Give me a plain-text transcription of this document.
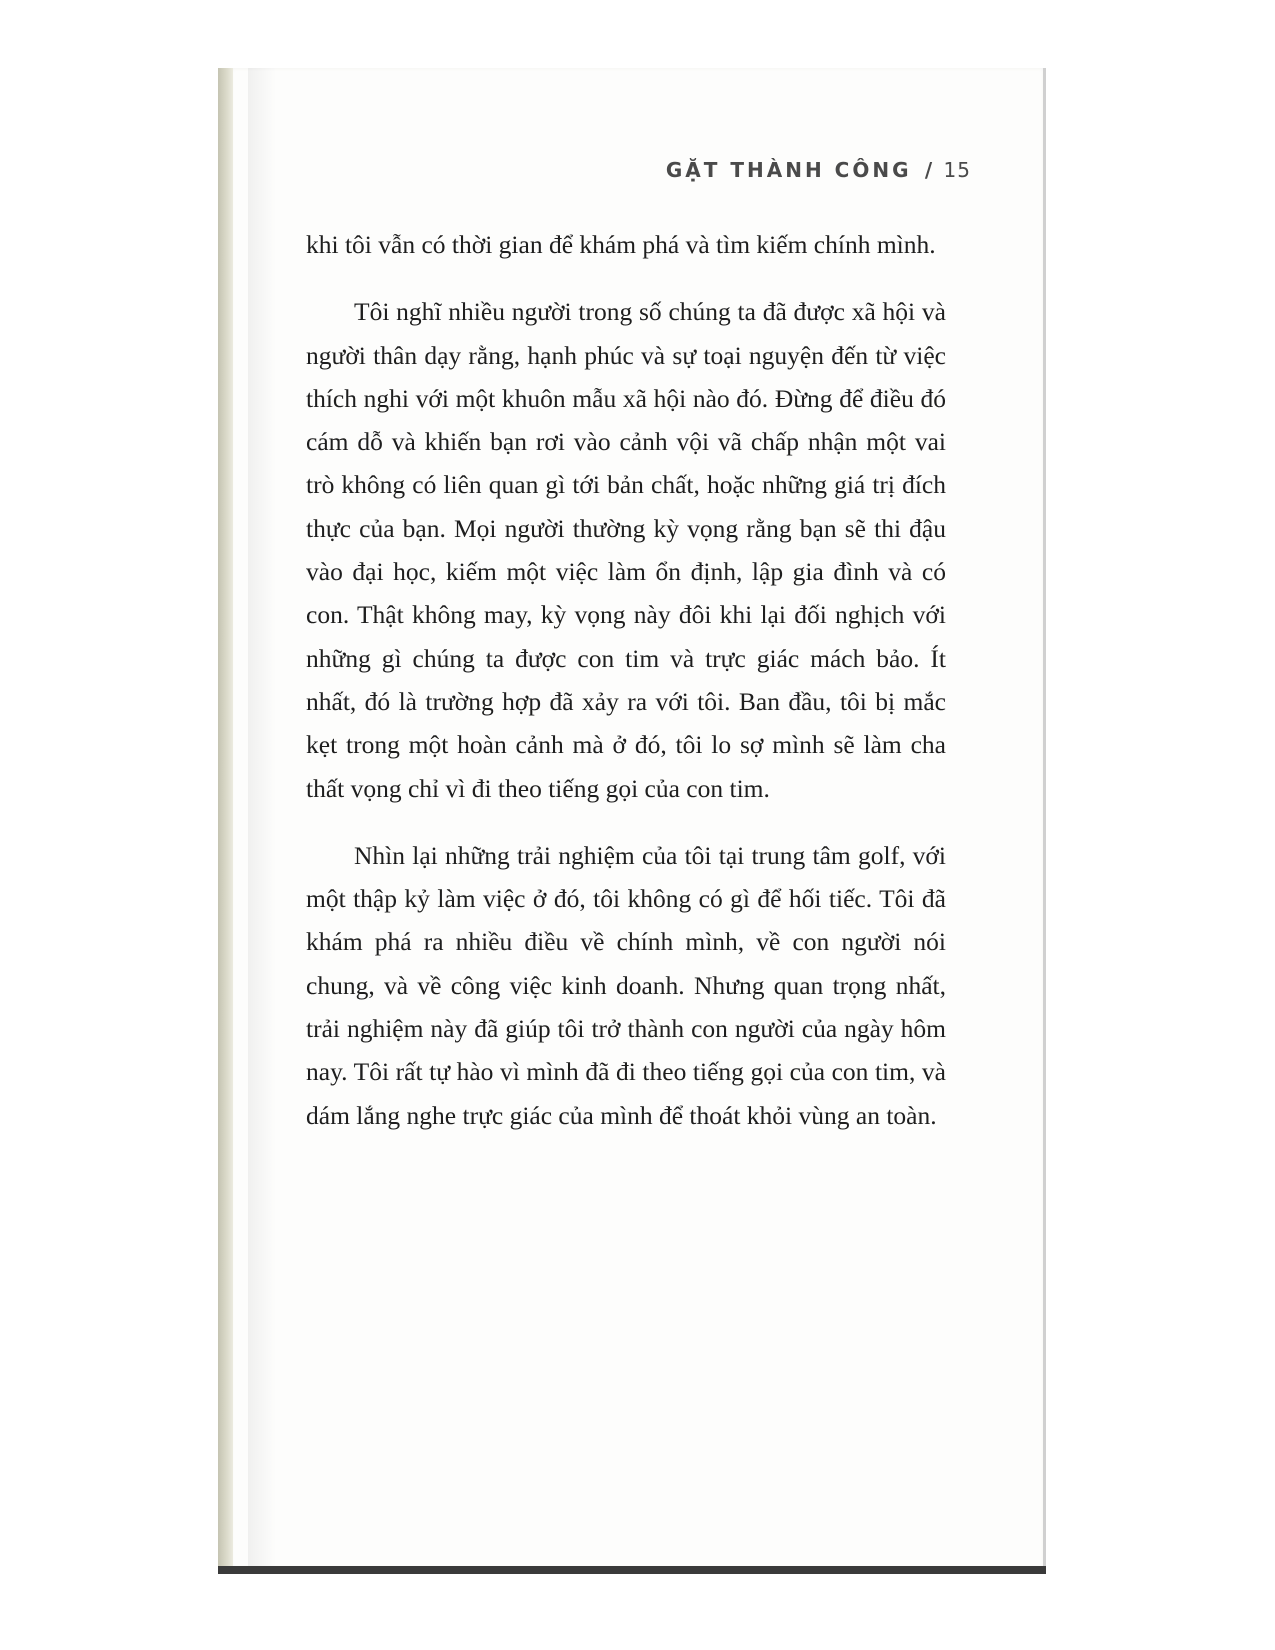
GẶT THÀNH CÔNG / 15

khi tôi vẫn có thời gian để khám phá và tìm kiếm chính mình.

Tôi nghĩ nhiều người trong số chúng ta đã được xã hội và người thân dạy rằng, hạnh phúc và sự toại nguyện đến từ việc thích nghi với một khuôn mẫu xã hội nào đó. Đừng để điều đó cám dỗ và khiến bạn rơi vào cảnh vội vã chấp nhận một vai trò không có liên quan gì tới bản chất, hoặc những giá trị đích thực của bạn. Mọi người thường kỳ vọng rằng bạn sẽ thi đậu vào đại học, kiếm một việc làm ổn định, lập gia đình và có con. Thật không may, kỳ vọng này đôi khi lại đối nghịch với những gì chúng ta được con tim và trực giác mách bảo. Ít nhất, đó là trường hợp đã xảy ra với tôi. Ban đầu, tôi bị mắc kẹt trong một hoàn cảnh mà ở đó, tôi lo sợ mình sẽ làm cha thất vọng chỉ vì đi theo tiếng gọi của con tim.

Nhìn lại những trải nghiệm của tôi tại trung tâm golf, với một thập kỷ làm việc ở đó, tôi không có gì để hối tiếc. Tôi đã khám phá ra nhiều điều về chính mình, về con người nói chung, và về công việc kinh doanh. Nhưng quan trọng nhất, trải nghiệm này đã giúp tôi trở thành con người của ngày hôm nay. Tôi rất tự hào vì mình đã đi theo tiếng gọi của con tim, và dám lắng nghe trực giác của mình để thoát khỏi vùng an toàn.
